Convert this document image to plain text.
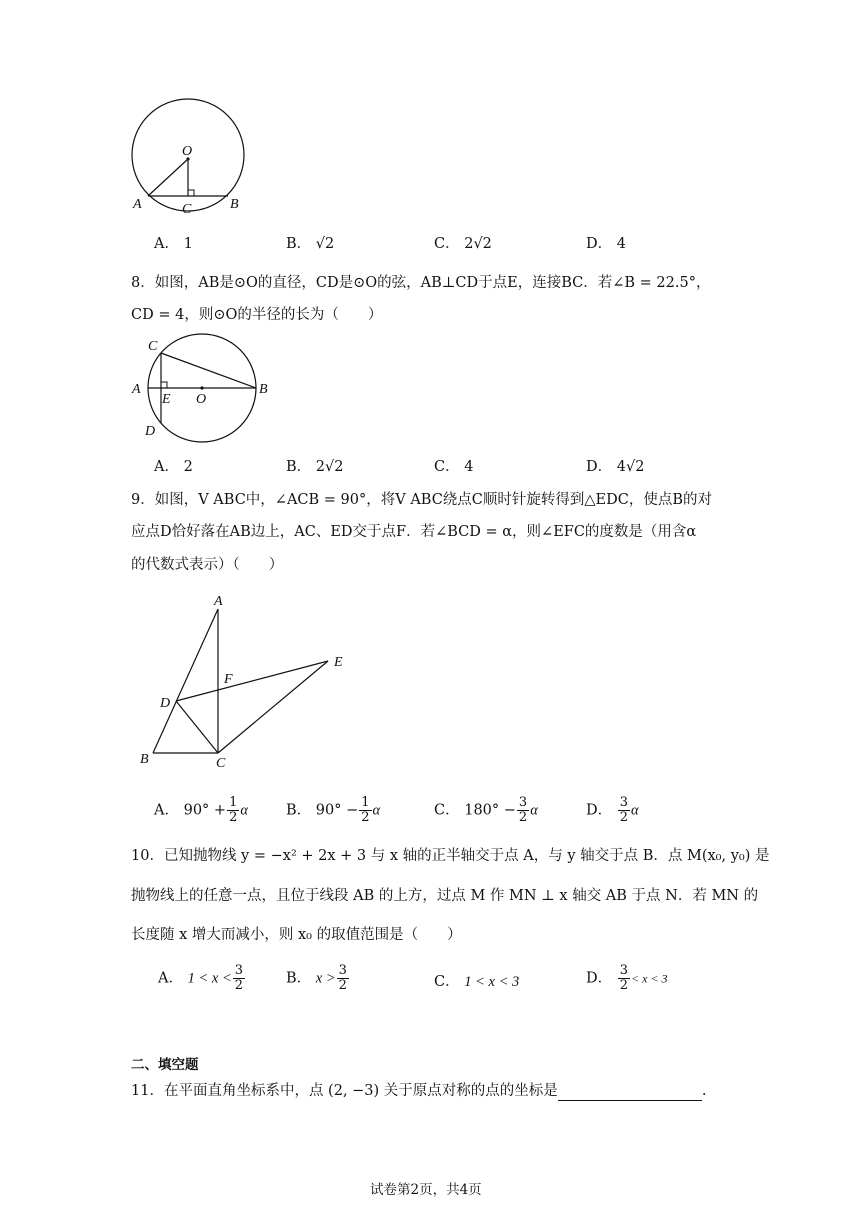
O
A	C	B
A． 1	B． √2	C． 2√2	D． 4
8．如图，AB是⊙O的直径，CD是⊙O的弦，AB⊥CD于点E，连接BC．若∠B = 22.5°，
CD = 4，则⊙O的半径的长为（　　）
C
A
E O
B
D
A． 2	B． 2√2	C． 4	D． 4√2
9．如图，V ABC中，∠ACB = 90°，将V ABC绕点C顺时针旋转得到△EDC，使点B的对
应点D恰好落在AB边上，AC、ED交于点F．若∠BCD = α，则∠EFC的度数是（用含α
的代数式表示）（　　）
A
E
F
D
B	C
A． $90^\circ + \frac{1}{2}$ α	B． $90^\circ - \frac{1}{2}$ α	C． $180^\circ - \frac{3}{2}$ α	D． $\frac{3}{2}$ α
10．已知抛物线 y = −x² + 2x + 3 与 x 轴的正半轴交于点 A，与 y 轴交于点 B．点 M(x₀, y₀) 是
抛物线上的任意一点，且位于线段 AB 的上方，过点 M 作 MN ⊥ x 轴交 AB 于点 N．若 MN 的
长度随 x 增大而减小，则 x₀ 的取值范围是（　　）
A． $1 < x < \frac{3}{2}$	B． $x > \frac{3}{2}$	C． 1 < x < 3	D． $\frac{3}{2} < x < 3$
二、填空题
11．在平面直角坐标系中，点 (2, −3) 关于原点对称的点的坐标是	.
试卷第2页，共4页
